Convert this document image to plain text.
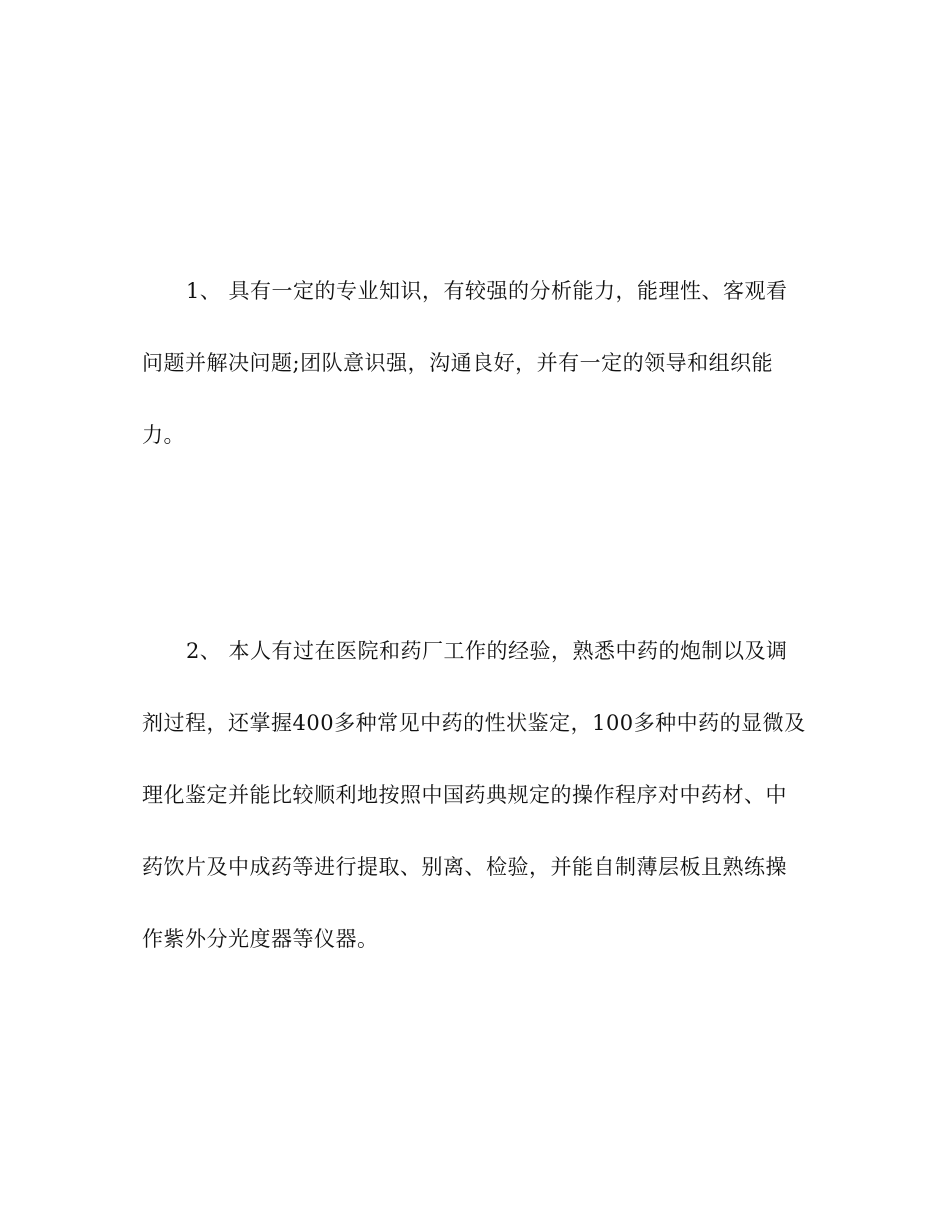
1、 具有一定的专业知识，有较强的分析能力，能理性、客观看
问题并解决问题;团队意识强，沟通良好，并有一定的领导和组织能
力。
2、 本人有过在医院和药厂工作的经验，熟悉中药的炮制以及调
剂过程，还掌握400多种常见中药的性状鉴定，100多种中药的显微及
理化鉴定并能比较顺利地按照中国药典规定的操作程序对中药材、中
药饮片及中成药等进行提取、别离、检验，并能自制薄层板且熟练操
作紫外分光度器等仪器。
